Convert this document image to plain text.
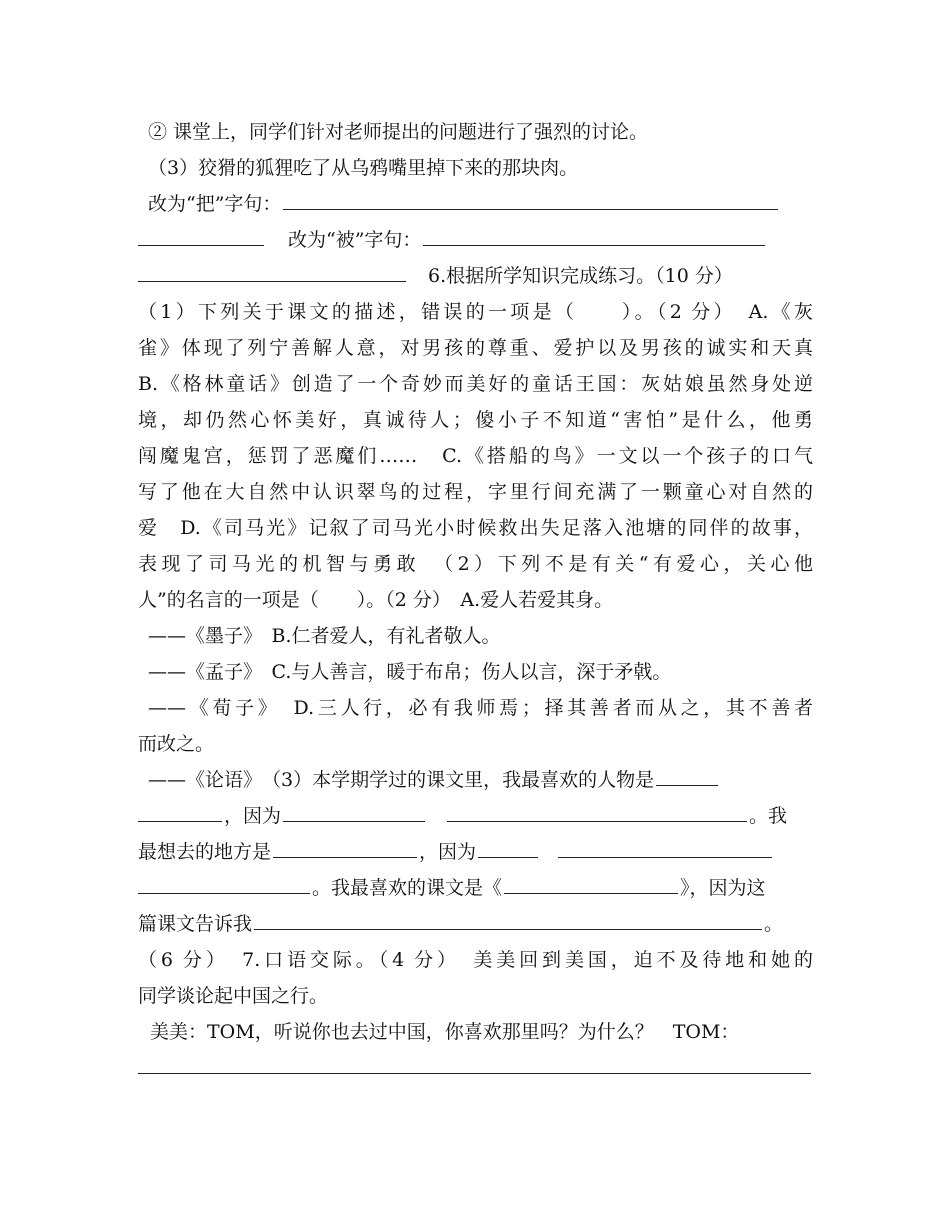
② 课堂上，同学们针对老师提出的问题进行了强烈的讨论。
（3）狡猾的狐狸吃了从乌鸦嘴里掉下来的那块肉。
改为“把”字句：
改为“被”字句：
6.根据所学知识完成练习。（10 分）
（1）下列关于课文的描述，错误的一项是（　　）。（2 分）　A.《灰
雀》体现了列宁善解人意，对男孩的尊重、爱护以及男孩的诚实和天真
B.《格林童话》创造了一个奇妙而美好的童话王国：灰姑娘虽然身处逆
境，却仍然心怀美好，真诚待人；傻小子不知道“害怕”是什么，他勇
闯魔鬼宫，惩罚了恶魔们……　C.《搭船的鸟》一文以一个孩子的口气
写了他在大自然中认识翠鸟的过程，字里行间充满了一颗童心对自然的
爱　D.《司马光》记叙了司马光小时候救出失足落入池塘的同伴的故事，
表现了司马光的机智与勇敢　（2）下列不是有关“有爱心，关心他
人”的名言的一项是（　　）。（2 分）　A.爱人若爱其身。
——《墨子》　B.仁者爱人，有礼者敬人。
——《孟子》　C.与人善言，暖于布帛；伤人以言，深于矛戟。
——《荀子》　D.三人行，必有我师焉；择其善者而从之，其不善者
而改之。
——《论语》　（3）本学期学过的课文里，我最喜欢的人物是
，因为	。我
最想去的地方是	，因为
。我最喜欢的课文是《	》，因为这
篇课文告诉我	。
（6 分）　7.口语交际。（4 分）　美美回到美国，迫不及待地和她的
同学谈论起中国之行。
美美：TOM，听说你也去过中国，你喜欢那里吗？为什么？　TOM：
